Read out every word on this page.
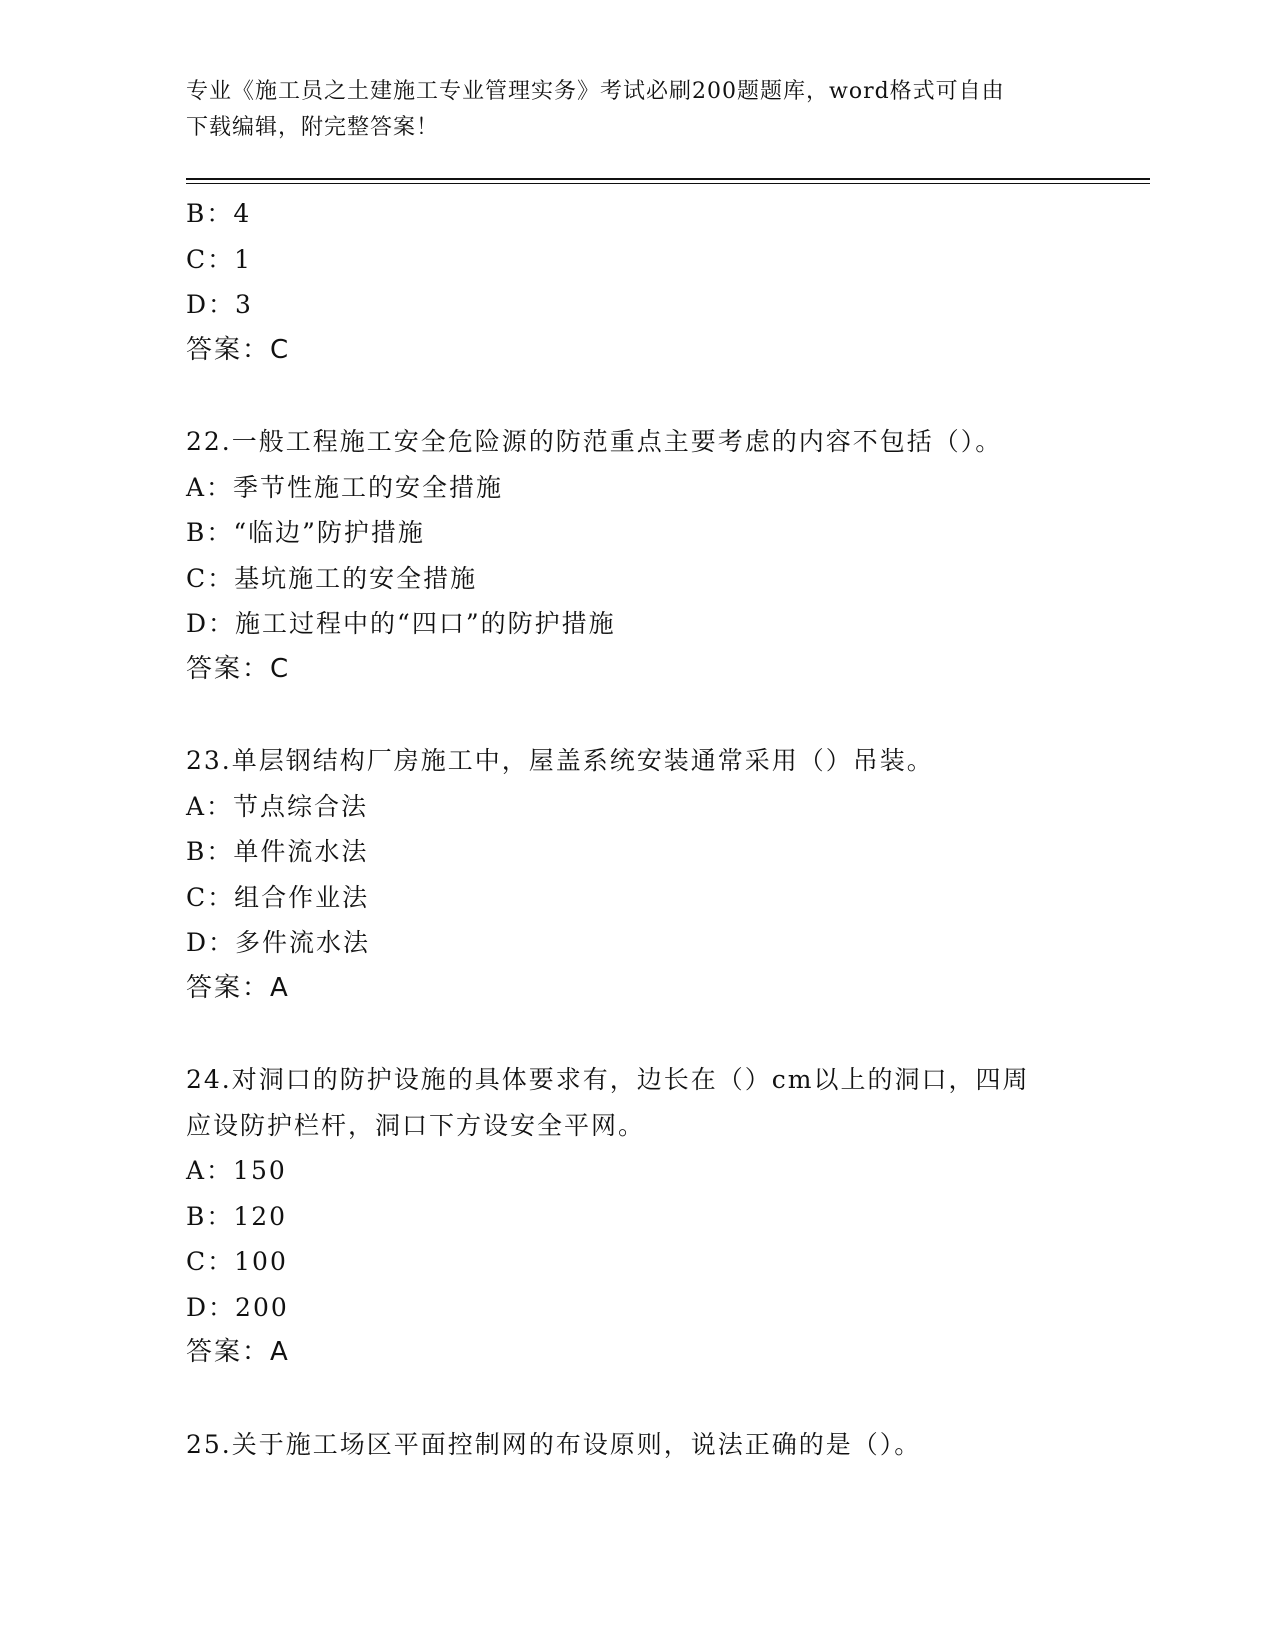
专业《施工员之土建施工专业管理实务》考试必刷200题题库，word格式可自由
下载编辑，附完整答案！
B：4
C：1
D：3
答案：C
22.一般工程施工安全危险源的防范重点主要考虑的内容不包括（）。
A：季节性施工的安全措施
B：“临边”防护措施
C：基坑施工的安全措施
D：施工过程中的“四口”的防护措施
答案：C
23.单层钢结构厂房施工中，屋盖系统安装通常采用（）吊装。
A：节点综合法
B：单件流水法
C：组合作业法
D：多件流水法
答案：A
24.对洞口的防护设施的具体要求有，边长在（）cm以上的洞口，四周
应设防护栏杆，洞口下方设安全平网。
A：150
B：120
C：100
D：200
答案：A
25.关于施工场区平面控制网的布设原则，说法正确的是（）。
